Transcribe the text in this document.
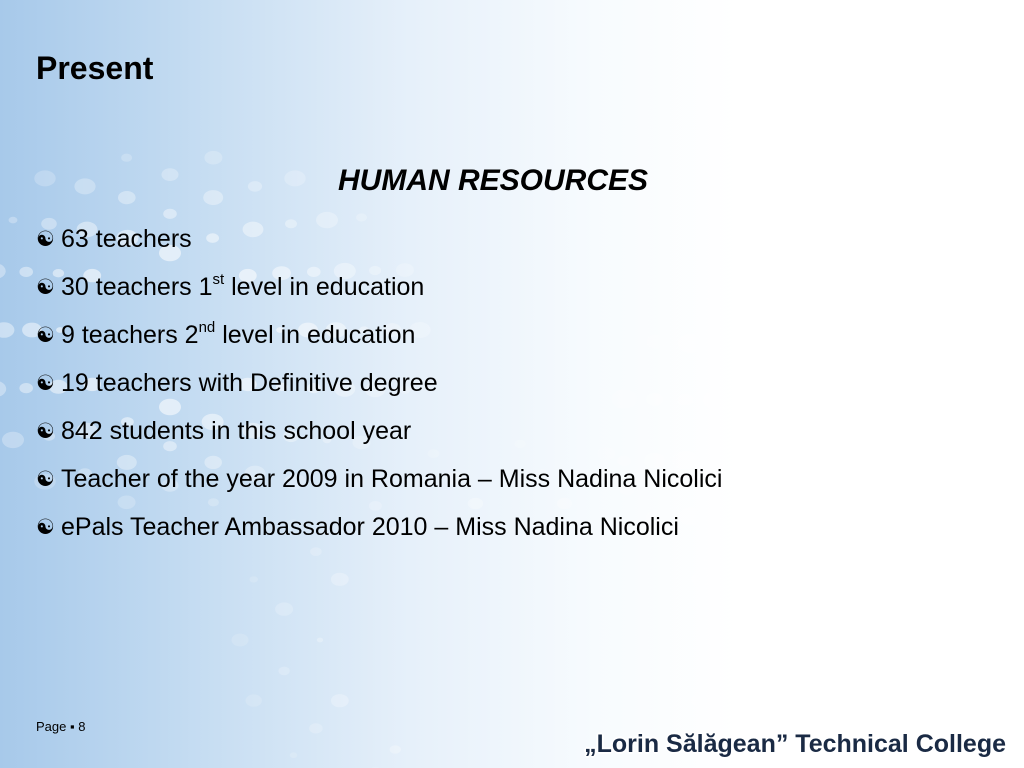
Present
HUMAN RESOURCES
☯ 63 teachers
☯ 30 teachers 1st level in education
☯ 9 teachers 2nd level in education
☯ 19 teachers with Definitive degree
☯ 842 students in this school year
☯ Teacher of the year 2009 in Romania – Miss Nadina Nicolici
☯ ePals Teacher Ambassador 2010 – Miss Nadina Nicolici
Page ▪ 8
„Lorin Sălăgean” Technical College
